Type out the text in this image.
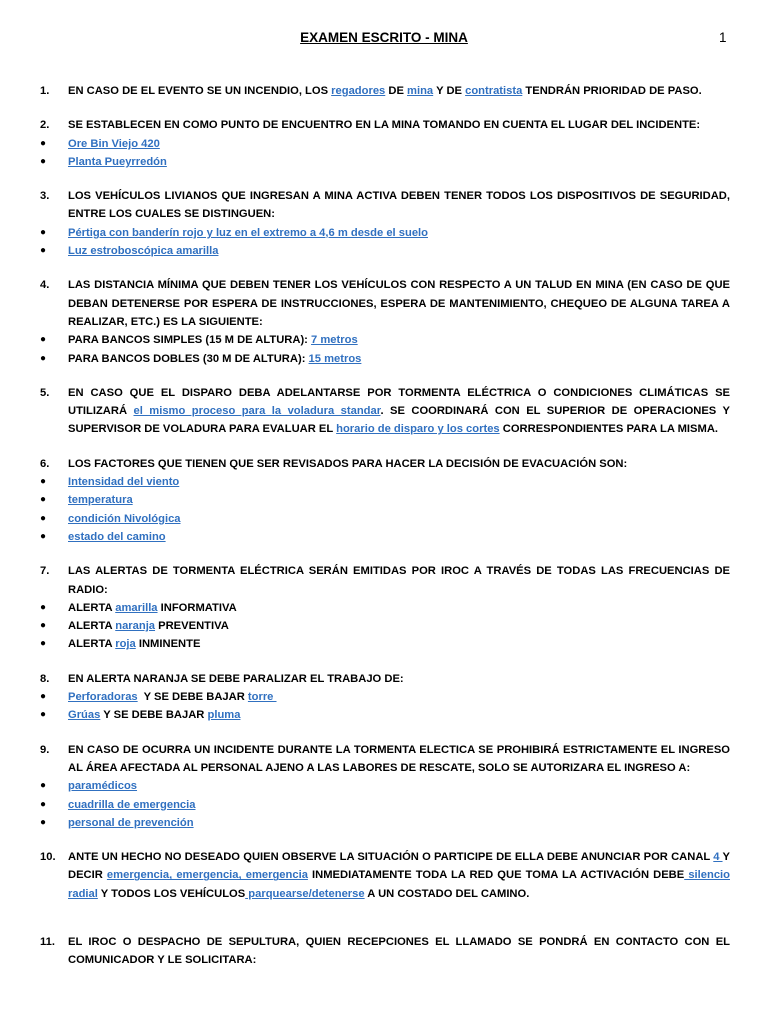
EXAMEN ESCRITO - MINA	1
1.	EN CASO DE EL EVENTO SE UN INCENDIO, LOS regadores DE mina Y DE contratista TENDRÁN PRIORIDAD DE PASO.
2.	SE ESTABLECEN EN COMO PUNTO DE ENCUENTRO EN LA MINA TOMANDO EN CUENTA EL LUGAR DEL INCIDENTE:
●	Ore Bin Viejo 420
●	Planta Pueyrredón
3.	LOS VEHÍCULOS LIVIANOS QUE INGRESAN A MINA ACTIVA DEBEN TENER TODOS LOS DISPOSITIVOS DE SEGURIDAD, ENTRE LOS CUALES SE DISTINGUEN:
●	Pértiga con banderín rojo y luz en el extremo a 4,6 m desde el suelo
●	Luz estroboscópica amarilla
4.	LAS DISTANCIA MÍNIMA QUE DEBEN TENER LOS VEHÍCULOS CON RESPECTO A UN TALUD EN MINA (EN CASO DE QUE DEBAN DETENERSE POR ESPERA DE INSTRUCCIONES, ESPERA DE MANTENIMIENTO, CHEQUEO DE ALGUNA TAREA A REALIZAR, ETC.) ES LA SIGUIENTE:
●	PARA BANCOS SIMPLES (15 M DE ALTURA): 7 metros
●	PARA BANCOS DOBLES (30 M DE ALTURA): 15 metros
5.	EN CASO QUE EL DISPARO DEBA ADELANTARSE POR TORMENTA ELÉCTRICA O CONDICIONES CLIMÁTICAS SE UTILIZARÁ el mismo proceso para la voladura standar. SE COORDINARÁ CON EL SUPERIOR DE OPERACIONES Y SUPERVISOR DE VOLADURA PARA EVALUAR EL horario de disparo y los cortes CORRESPONDIENTES PARA LA MISMA.
6.	LOS FACTORES QUE TIENEN QUE SER REVISADOS PARA HACER LA DECISIÓN DE EVACUACIÓN SON:
●	Intensidad del viento
●	temperatura
●	condición Nivológica
●	estado del camino
7.	LAS ALERTAS DE TORMENTA ELÉCTRICA SERÁN EMITIDAS POR IROC A TRAVÉS DE TODAS LAS FRECUENCIAS DE RADIO:
●	ALERTA amarilla INFORMATIVA
●	ALERTA naranja PREVENTIVA
●	ALERTA roja INMINENTE
8.	EN ALERTA NARANJA SE DEBE PARALIZAR EL TRABAJO DE:
●	Perforadoras  Y SE DEBE BAJAR torre
●	Grúas Y SE DEBE BAJAR pluma
9.	EN CASO DE OCURRA UN INCIDENTE DURANTE LA TORMENTA ELECTICA SE PROHIBIRÁ ESTRICTAMENTE EL INGRESO AL ÁREA AFECTADA AL PERSONAL AJENO A LAS LABORES DE RESCATE, SOLO SE AUTORIZARA EL INGRESO A:
●	paramédicos
●	cuadrilla de emergencia
●	personal de prevención
10.	ANTE UN HECHO NO DESEADO QUIEN OBSERVE LA SITUACIÓN O PARTICIPE DE ELLA DEBE ANUNCIAR POR CANAL 4 Y DECIR emergencia, emergencia, emergencia INMEDIATAMENTE TODA LA RED QUE TOMA LA ACTIVACIÓN DEBE silencio radial Y TODOS LOS VEHÍCULOS parquearse/detenerse A UN COSTADO DEL CAMINO.
11.	EL IROC O DESPACHO DE SEPULTURA, QUIEN RECEPCIONES EL LLAMADO SE PONDRÁ EN CONTACTO CON EL COMUNICADOR Y LE SOLICITARA:
